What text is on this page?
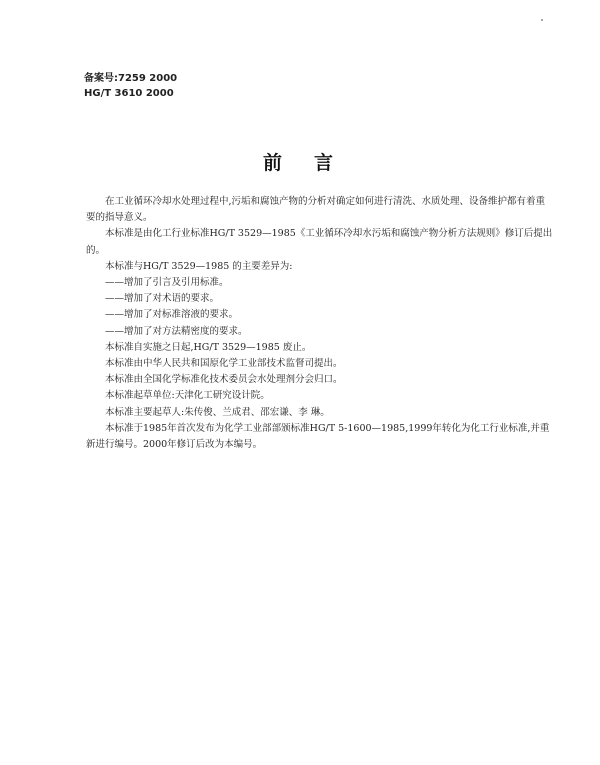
备案号:7259 2000
HG/T 3610 2000
前言

在工业循环冷却水处理过程中,污垢和腐蚀产物的分析对确定如何进行清洗、水质处理、设备维护都有着重要的指导意义。

本标准是由化工行业标准HG/T 3529—1985《工业循环冷却水污垢和腐蚀产物分析方法规则》修订后提出的。

本标准与HG/T 3529—1985 的主要差异为:

——增加了引言及引用标准。

——增加了对术语的要求。

——增加了对标准溶液的要求。

——增加了对方法精密度的要求。

本标准自实施之日起,HG/T 3529—1985 废止。

本标准由中华人民共和国原化学工业部技术监督司提出。

本标准由全国化学标准化技术委员会水处理剂分会归口。

本标准起草单位:天津化工研究设计院。

本标准主要起草人:朱传俊、兰成君、邵宏谦、李 琳。

本标准于1985年首次发布为化学工业部部颁标准HG/T 5-1600—1985,1999年转化为化工行业标准,并重新进行编号。2000年修订后改为本编号。
